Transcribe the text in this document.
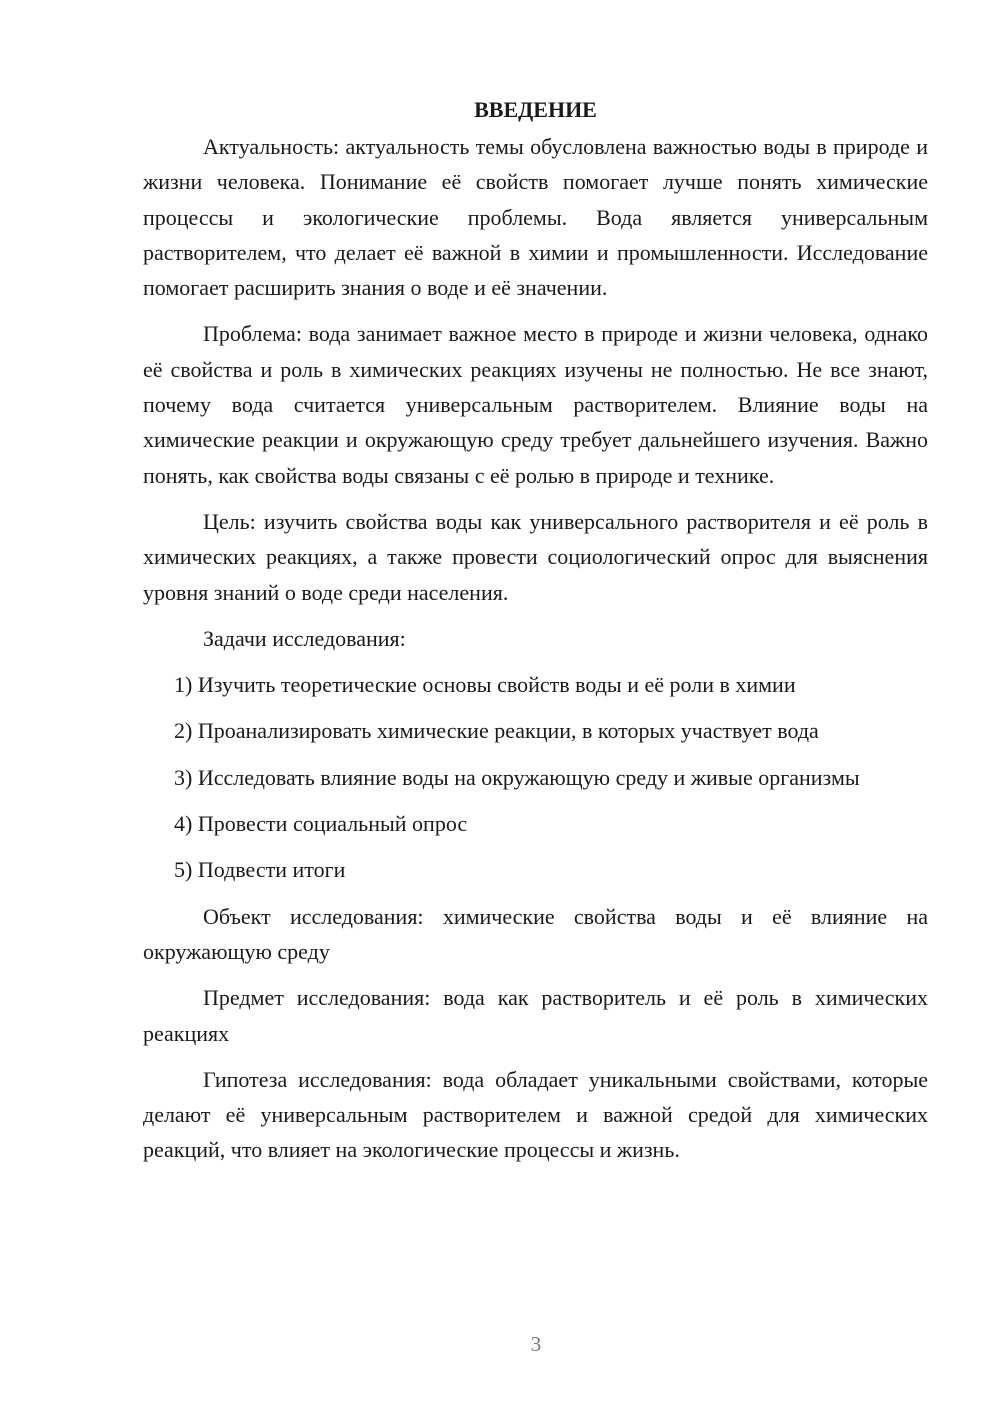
ВВЕДЕНИЕ

Актуальность: актуальность темы обусловлена важностью воды в природе и жизни человека. Понимание её свойств помогает лучше понять химические процессы и экологические проблемы. Вода является универсальным растворителем, что делает её важной в химии и промышленности. Исследование помогает расширить знания о воде и её значении.

Проблема: вода занимает важное место в природе и жизни человека, однако её свойства и роль в химических реакциях изучены не полностью. Не все знают, почему вода считается универсальным растворителем. Влияние воды на химические реакции и окружающую среду требует дальнейшего изучения. Важно понять, как свойства воды связаны с её ролью в природе и технике.

Цель: изучить свойства воды как универсального растворителя и её роль в химических реакциях, а также провести социологический опрос для выяснения уровня знаний о воде среди населения.

Задачи исследования:

1) Изучить теоретические основы свойств воды и её роли в химии

2) Проанализировать химические реакции, в которых участвует вода

3) Исследовать влияние воды на окружающую среду и живые организмы

4) Провести социальный опрос

5) Подвести итоги

Объект исследования: химические свойства воды и её влияние на окружающую среду

Предмет исследования: вода как растворитель и её роль в химических реакциях

Гипотеза исследования: вода обладает уникальными свойствами, которые делают её универсальным растворителем и важной средой для химических реакций, что влияет на экологические процессы и жизнь.

3
